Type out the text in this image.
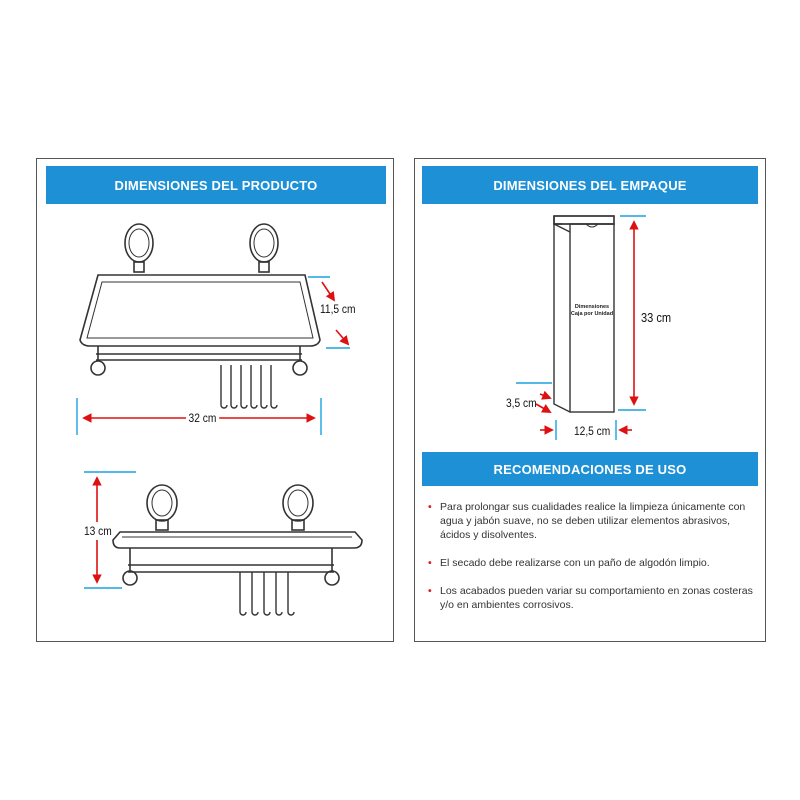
DIMENSIONES DEL PRODUCTO	DIMENSIONES DEL EMPAQUE
RECOMENDACIONES DE USO
11,5 cm
32 cm
13 cm
Dimensiones
Caja por Unidad 33 cm
3,5 cm
12,5 cm
• Para prolongar sus cualidades realice la limpieza únicamente con agua y jabón suave, no se deben utilizar elementos abrasivos, ácidos y disolventes.
• El secado debe realizarse con un paño de algodón limpio.
• Los acabados pueden variar su comportamiento en zonas costeras y/o en ambientes corrosivos.
